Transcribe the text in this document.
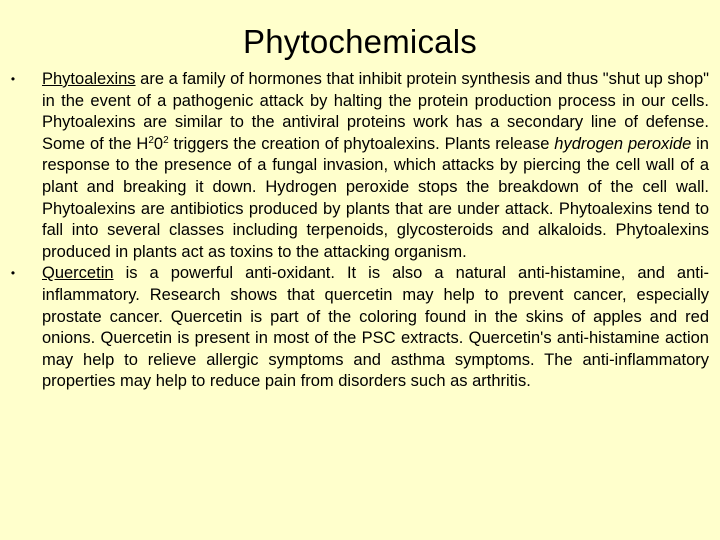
Phytochemicals
• Phytoalexins are a family of hormones that inhibit protein synthesis and thus "shut up shop" in the event of a pathogenic attack by halting the protein production process in our cells. Phytoalexins are similar to the antiviral proteins work has a secondary line of defense. Some of the $H^20^2$ triggers the creation of phytoalexins. Plants release hydrogen peroxide in response to the presence of a fungal invasion, which attacks by piercing the cell wall of a plant and breaking it down. Hydrogen peroxide stops the breakdown of the cell wall. Phytoalexins are antibiotics produced by plants that are under attack. Phytoalexins tend to fall into several classes including terpenoids, glycosteroids and alkaloids. Phytoalexins produced in plants act as toxins to the attacking organism.
• Quercetin is a powerful anti-oxidant. It is also a natural anti-histamine, and anti-inflammatory. Research shows that quercetin may help to prevent cancer, especially prostate cancer. Quercetin is part of the coloring found in the skins of apples and red onions. Quercetin is present in most of the PSC extracts. Quercetin's anti-histamine action may help to relieve allergic symptoms and asthma symptoms. The anti-inflammatory properties may help to reduce pain from disorders such as arthritis.
